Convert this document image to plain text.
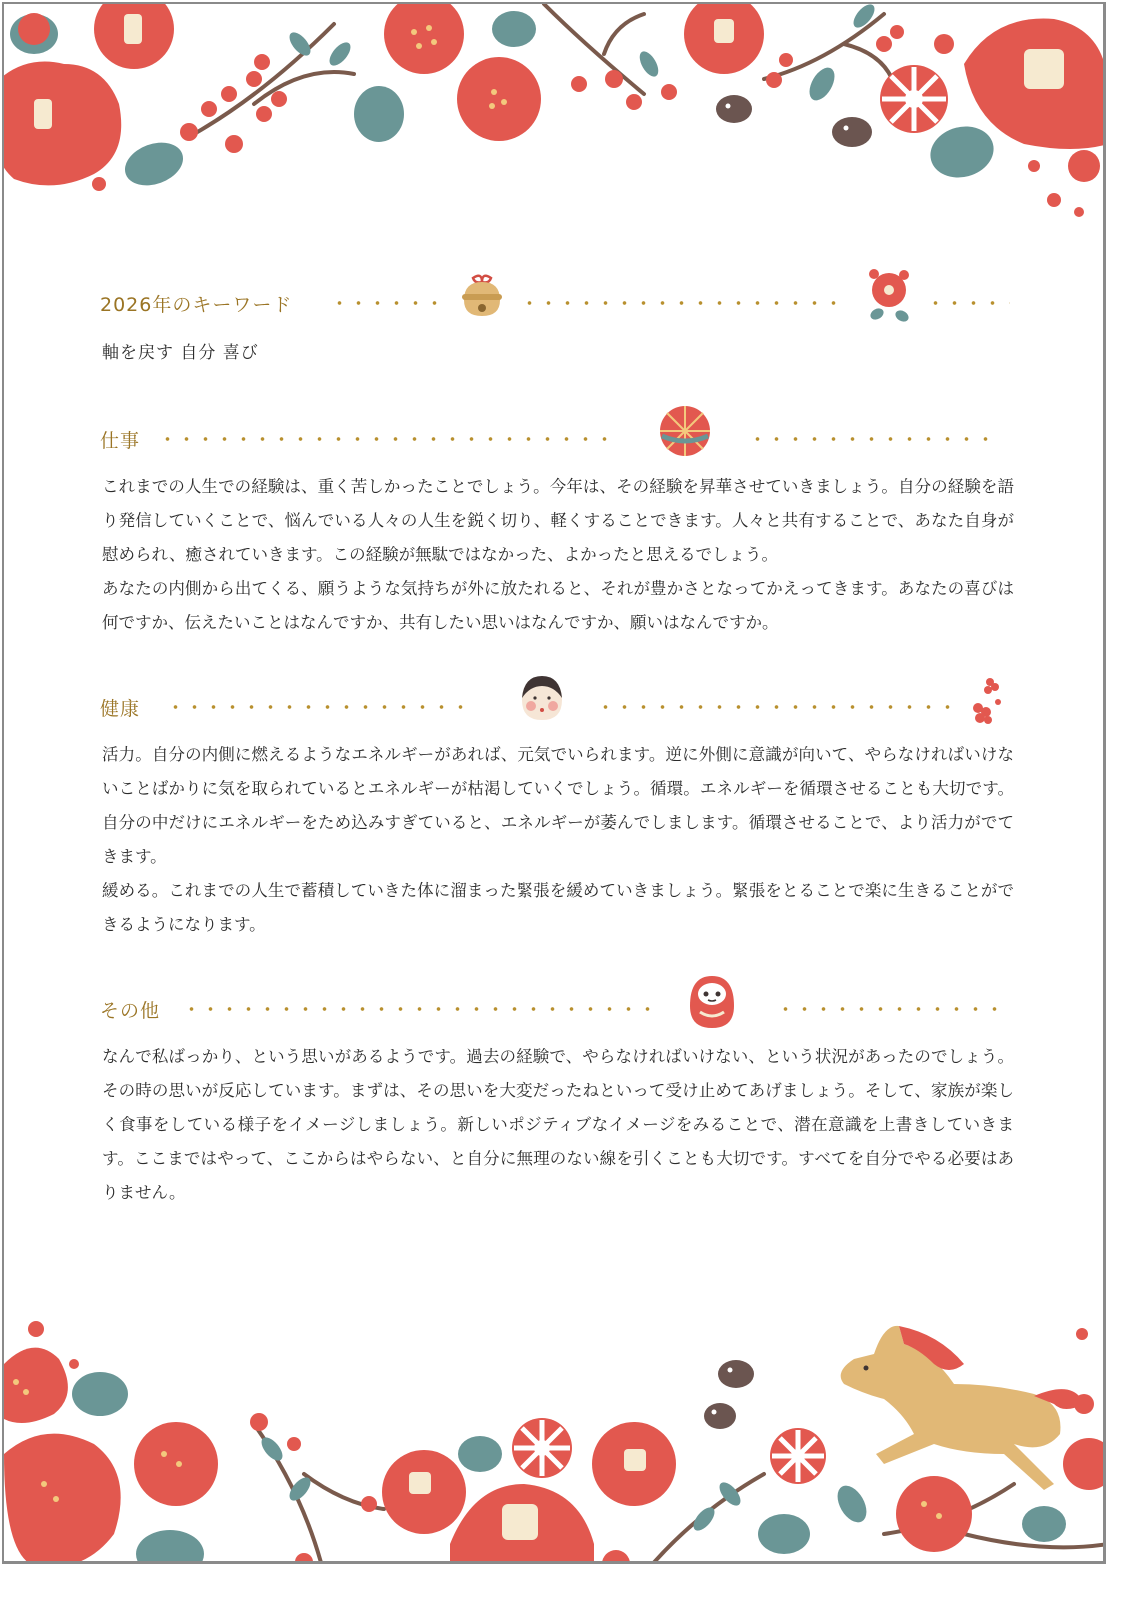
2026年のキーワード
軸を戻す 自分 喜び
仕事
これまでの人生での経験は、重く苦しかったことでしょう。今年は、その経験を昇華させていきましょう。自分の経験を語り発信していくことで、悩んでいる人々の人生を鋭く切り、軽くすることできます。人々と共有することで、あなた自身が慰められ、癒されていきます。この経験が無駄ではなかった、よかったと思えるでしょう。
あなたの内側から出てくる、願うような気持ちが外に放たれると、それが豊かさとなってかえってきます。あなたの喜びは何ですか、伝えたいことはなんですか、共有したい思いはなんですか、願いはなんですか。
健康
活力。自分の内側に燃えるようなエネルギーがあれば、元気でいられます。逆に外側に意識が向いて、やらなければいけないことばかりに気を取られているとエネルギーが枯渇していくでしょう。循環。エネルギーを循環させることも大切です。自分の中だけにエネルギーをため込みすぎていると、エネルギーが萎んでしまします。循環させることで、より活力がでてきます。
緩める。これまでの人生で蓄積していきた体に溜まった緊張を緩めていきましょう。緊張をとることで楽に生きることができるようになります。
その他
なんで私ばっかり、という思いがあるようです。過去の経験で、やらなければいけない、という状況があったのでしょう。その時の思いが反応しています。まずは、その思いを大変だったねといって受け止めてあげましょう。そして、家族が楽しく食事をしている様子をイメージしましょう。新しいポジティブなイメージをみることで、潜在意識を上書きしていきます。ここまではやって、ここからはやらない、と自分に無理のない線を引くことも大切です。すべてを自分でやる必要はありません。
